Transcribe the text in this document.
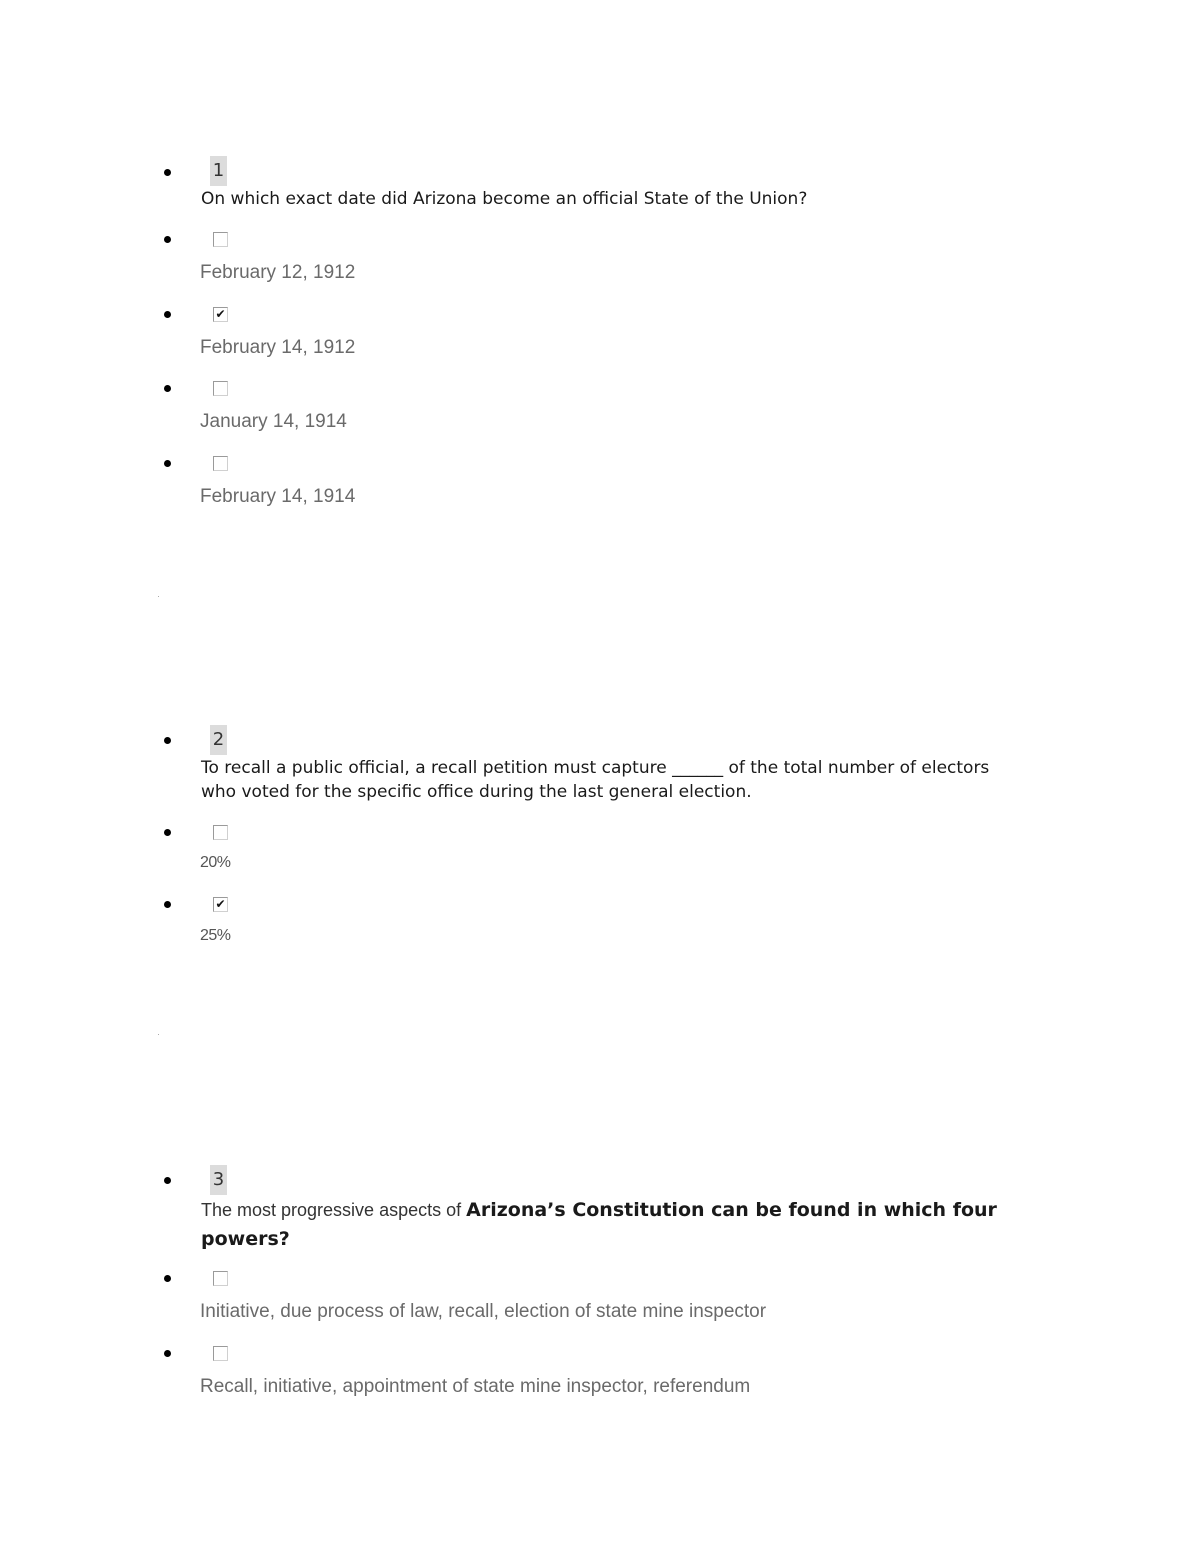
1
On which exact date did Arizona become an official State of the Union?
February 12, 1912
✔
February 14, 1912
January 14, 1914
February 14, 1914
2
To recall a public official, a recall petition must capture ______ of the total number of electors who voted for the specific office during the last general election.
20%
✔
25%
3
The most progressive aspects of Arizona’s Constitution can be found in which four powers?
Initiative, due process of law, recall, election of state mine inspector
Recall, initiative, appointment of state mine inspector, referendum
